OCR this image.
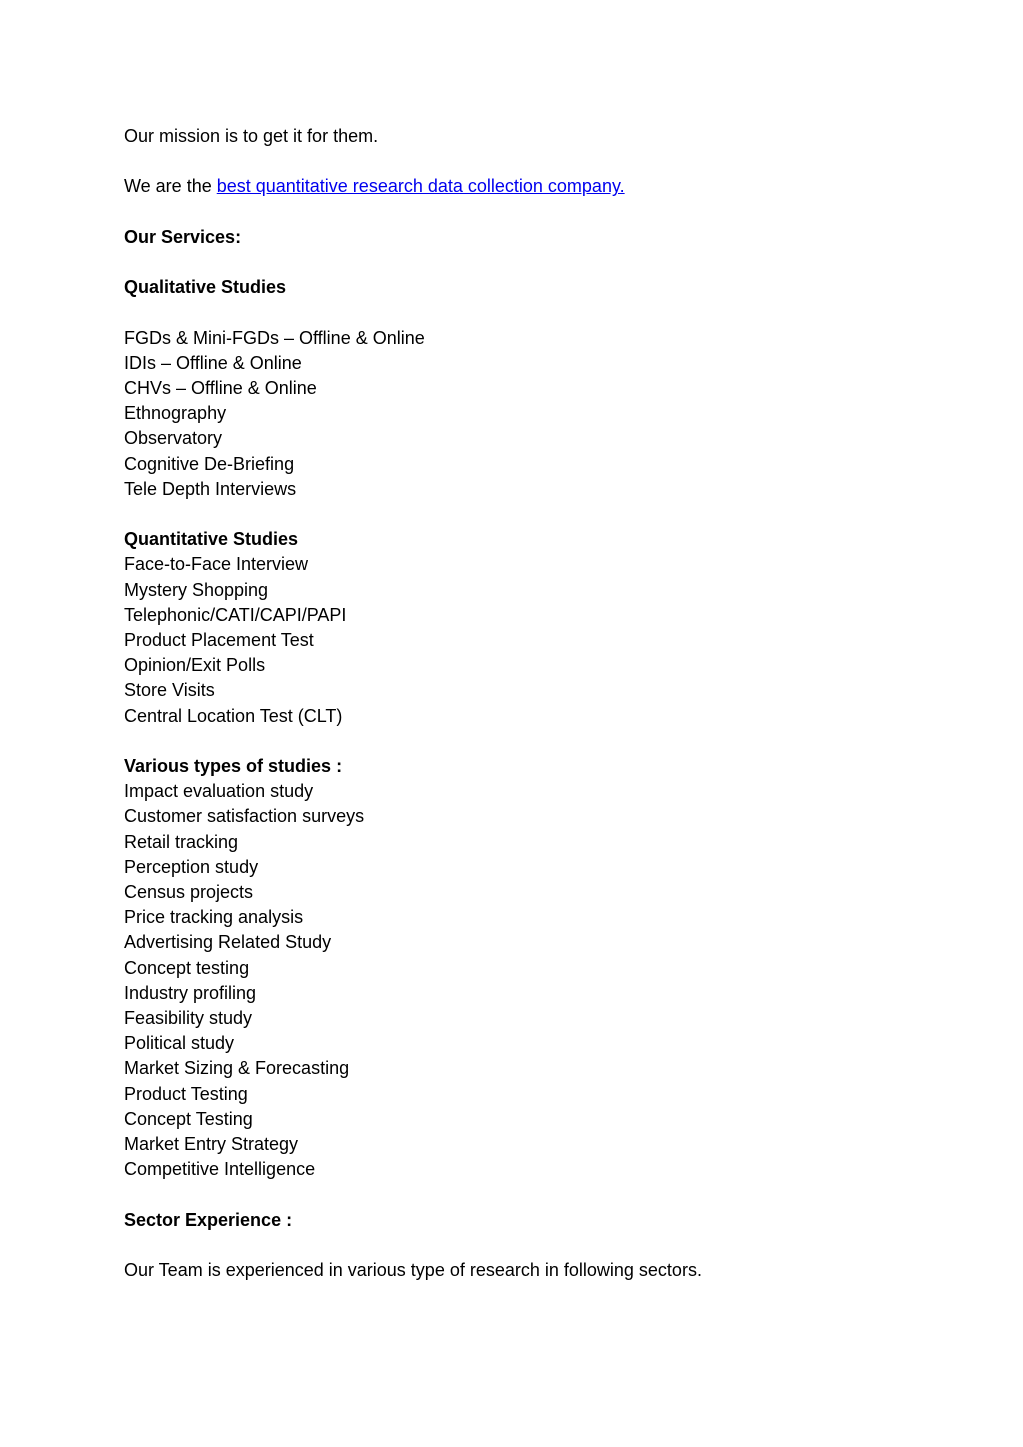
Our mission is to get it for them.

We are the best quantitative research data collection company.

Our Services:

Qualitative Studies

FGDs & Mini-FGDs – Offline & Online
IDIs – Offline & Online
CHVs – Offline & Online
Ethnography
Observatory
Cognitive De-Briefing
Tele Depth Interviews

Quantitative Studies

Face-to-Face Interview
Mystery Shopping
Telephonic/CATI/CAPI/PAPI
Product Placement Test
Opinion/Exit Polls
Store Visits
Central Location Test (CLT)

Various types of studies :

Impact evaluation study
Customer satisfaction surveys
Retail tracking
Perception study
Census projects
Price tracking analysis
Advertising Related Study
Concept testing
Industry profiling
Feasibility study
Political study
Market Sizing & Forecasting
Product Testing
Concept Testing
Market Entry Strategy
Competitive Intelligence

Sector Experience :

Our Team is experienced in various type of research in following sectors.
